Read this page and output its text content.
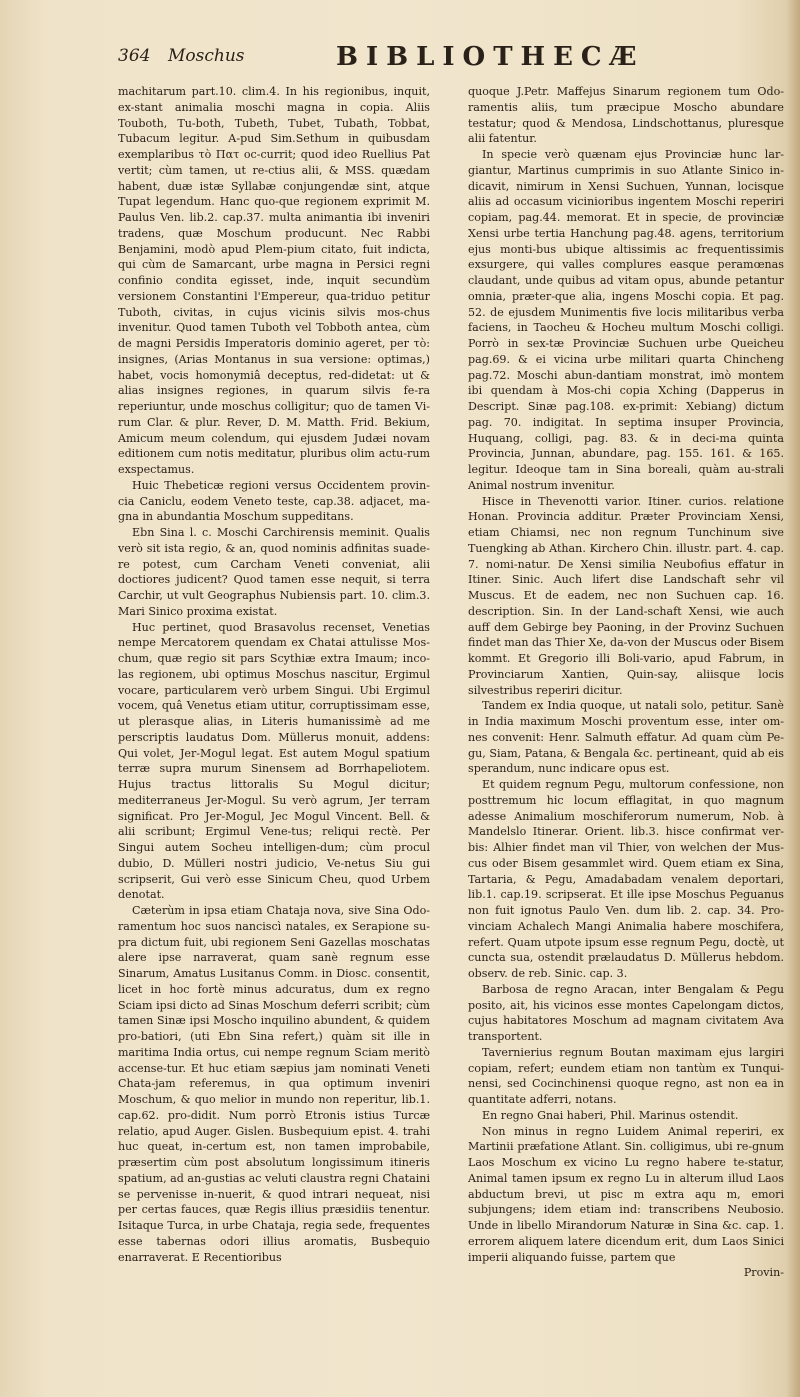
364 Moschus	BIBLIOTHECÆ

machitarum part.10. clim.4. In his regionibus, inquit, ex-stant animalia moschi magna in copia. Aliis Touboth, Tu-both, Tubeth, Tubet, Tubath, Tobbat, Tubacum legitur. A-pud Sim.Sethum in quibusdam exemplaribus τὸ Πατ oc-currit; quod ideo Ruellius Pat vertit; cùm tamen, ut re-ctius alii, & MSS. quædam habent, duæ istæ Syllabæ conjungendæ sint, atque Tupat legendum. Hanc quo-que regionem exprimit M. Paulus Ven. lib.2. cap.37. multa animantia ibi inveniri tradens, quæ Moschum producunt. Nec Rabbi Benjamini, modò apud Plem-pium citato, fuit indicta, qui cùm de Samarcant, urbe magna in Persici regni confinio condita egisset, inde, inquit secundùm versionem Constantini l'Empereur, qua-triduo petitur Tuboth, civitas, in cujus vicinis silvis mos-chus invenitur. Quod tamen Tuboth vel Tobboth antea, cùm de magni Persidis Imperatoris dominio ageret, per τὸ: insignes, (Arias Montanus in sua versione: optimas,) habet, vocis homonymiâ deceptus, red-didetat: ut & alias insignes regiones, in quarum silvis fe-ra reperiuntur, unde moschus colligitur; quo de tamen Vi-rum Clar. & plur. Rever, D. M. Matth. Frid. Bekium, Amicum meum colendum, qui ejusdem Judæi novam editionem cum notis meditatur, pluribus olim actu-rum exspectamus.

Huic Thebeticæ regioni versus Occidentem provin-cia Caniclu, eodem Veneto teste, cap.38. adjacet, ma-gna in abundantia Moschum suppeditans.

Ebn Sina l. c. Moschi Carchirensis meminit. Qualis verò sit ista regio, & an, quod nominis adfinitas suade-re potest, cum Carcham Veneti conveniat, alii doctiores judicent? Quod tamen esse nequit, si terra Carchir, ut vult Geographus Nubiensis part. 10. clim.3. Mari Sinico proxima existat.

Huc pertinet, quod Brasavolus recenset, Venetias nempe Mercatorem quendam ex Chatai attulisse Mos-chum, quæ regio sit pars Scythiæ extra Imaum; inco-las regionem, ubi optimus Moschus nascitur, Ergimul vocare, particularem verò urbem Singui. Ubi Ergimul vocem, quâ Venetus etiam utitur, corruptissimam esse, ut plerasque alias, in Literis humanissimè ad me perscriptis laudatus Dom. Müllerus monuit, addens: Qui volet, Jer-Mogul legat. Est autem Mogul spatium terræ supra murum Sinensem ad Borrhapeliotem. Hujus tractus littoralis Su Mogul dicitur; mediterraneus Jer-Mogul. Su verò agrum, Jer terram significat. Pro Jer-Mogul, Jec Mogul Vincent. Bell. & alii scribunt; Ergimul Vene-tus; reliqui rectè. Per Singui autem Socheu intelligen-dum; cùm procul dubio, D. Mülleri nostri judicio, Ve-netus Siu gui scripserit, Gui verò esse Sinicum Cheu, quod Urbem denotat.

Cæterùm in ipsa etiam Chataja nova, sive Sina Odo-ramentum hoc suos nanciscì natales, ex Serapione su-pra dictum fuit, ubi regionem Seni Gazellas moschatas alere ipse narraverat, quam sanè regnum esse Sinarum, Amatus Lusitanus Comm. in Diosc. consentit, licet in hoc fortè minus adcuratus, dum ex regno Sciam ipsi dicto ad Sinas Moschum deferri scribit; cùm tamen Sinæ ipsi Moscho inquilino abundent, & quidem pro-batiori, (uti Ebn Sina refert,) quàm sit ille in maritima India ortus, cui nempe regnum Sciam meritò accense-tur. Et huc etiam sæpius jam nominati Veneti Chata-jam referemus, in qua optimum inveniri Moschum, & quo melior in mundo non reperitur, lib.1. cap.62. pro-didit. Num porrò Etronis istius Turcæ relatio, apud Auger. Gislen. Busbequium epist. 4. trahi huc queat, in-certum est, non tamen improbabile, præsertim cùm post absolutum longissimum itineris spatium, ad an-gustias ac veluti claustra regni Chataini se pervenisse in-nuerit, & quod intrari nequeat, nisi per certas fauces, quæ Regis illius præsidiis tenentur. Isitaque Turca, in urbe Chataja, regia sede, frequentes esse tabernas odori illius aromatis, Busbequio enarraverat. E Recentioribus

quoque J.Petr. Maffejus Sinarum regionem tum Odo-ramentis aliis, tum præcipue Moscho abundare testatur; quod & Mendosa, Lindschottanus, pluresque alii fatentur.

In specie verò quænam ejus Provinciæ hunc lar-giantur, Martinus cumprimis in suo Atlante Sinico in-dicavit, nimirum in Xensi Suchuen, Yunnan, locisque aliis ad occasum vicinioribus ingentem Moschi reperiri copiam, pag.44. memorat. Et in specie, de provinciæ Xensi urbe tertia Hanchung pag.48. agens, territorium ejus monti-bus ubique altissimis ac frequentissimis exsurgere, qui valles complures easque peramœnas claudant, unde quibus ad vitam opus, abunde petantur omnia, præter-que alia, ingens Moschi copia. Et pag. 52. de ejusdem Munimentis five locis militaribus verba faciens, in Taocheu & Hocheu multum Moschi colligi. Porrò in sex-tæ Provinciæ Suchuen urbe Queicheu pag.69. & ei vicina urbe militari quarta Chincheng pag.72. Moschi abun-dantiam monstrat, imò montem ibi quendam à Mos-chi copia Xching (Dapperus in Descript. Sinæ pag.108. ex-primit: Xebiang) dictum pag. 70. indigitat. In septima insuper Provincia, Huquang, colligi, pag. 83. & in deci-ma quinta Provincia, Junnan, abundare, pag. 155. 161. & 165. legitur. Ideoque tam in Sina boreali, quàm au-strali Animal nostrum invenitur.

Hisce in Thevenotti varior. Itiner. curios. relatione Honan. Provincia additur. Præter Provinciam Xensi, etiam Chiamsi, nec non regnum Tunchinum sive Tuengking ab Athan. Kirchero Chin. illustr. part. 4. cap. 7. nomi-natur. De Xensi similia Neubofius effatur in Itiner. Sinic. Auch lifert dise Landschaft sehr vil Muscus. Et de eadem, nec non Suchuen cap. 16. description. Sin. In der Land-schaft Xensi, wie auch auff dem Gebirge bey Paoning, in der Provinz Suchuen findet man das Thier Xe, da-von der Muscus oder Bisem kommt. Et Gregorio illi Boli-vario, apud Fabrum, in Provinciarum Xantien, Quin-say, aliisque locis silvestribus reperiri dicitur.

Tandem ex India quoque, ut natali solo, petitur. Sanè in India maximum Moschi proventum esse, inter om-nes convenit: Henr. Salmuth effatur. Ad quam cùm Pe-gu, Siam, Patana, & Bengala &c. pertineant, quid ab eis sperandum, nunc indicare opus est.

Et quidem regnum Pegu, multorum confessione, non posttremum hic locum efflagitat, in quo magnum adesse Animalium moschiferorum numerum, Nob. à Mandelslo Itinerar. Orient. lib.3. hisce confirmat ver-bis: Alhier findet man vil Thier, von welchen der Mus-cus oder Bisem gesammlet wird. Quem etiam ex Sina, Tartaria, & Pegu, Amadabadam venalem deportari, lib.1. cap.19. scripserat. Et ille ipse Moschus Peguanus non fuit ignotus Paulo Ven. dum lib. 2. cap. 34. Pro-vinciam Achalech Mangi Animalia habere moschifera, refert. Quam utpote ipsum esse regnum Pegu, doctè, ut cuncta sua, ostendit prælaudatus D. Müllerus hebdom. observ. de reb. Sinic. cap. 3.

Barbosa de regno Aracan, inter Bengalam & Pegu posito, ait, his vicinos esse montes Capelongam dictos, cujus habitatores Moschum ad magnam civitatem Ava transportent.

Tavernierius regnum Boutan maximam ejus largiri copiam, refert; eundem etiam non tantùm ex Tunqui-nensi, sed Cocinchinensi quoque regno, ast non ea in quantitate adferri, notans.

En regno Gnai haberi, Phil. Marinus ostendit.

Non minus in regno Luidem Animal reperiri, ex Martinii præfatione Atlant. Sin. colligimus, ubi re-gnum Laos Moschum ex vicino Lu regno habere te-statur, Animal tamen ipsum ex regno Lu in alterum illud Laos abductum brevi, ut pisc m extra aqu m, emori subjungens; idem etiam ind: transcribens Neubosio. Unde in libello Mirandorum Naturæ in Sina &c. cap. 1. errorem aliquem latere dicendum erit, dum Laos Sinici imperii aliquando fuisse, partem que

Provin-
